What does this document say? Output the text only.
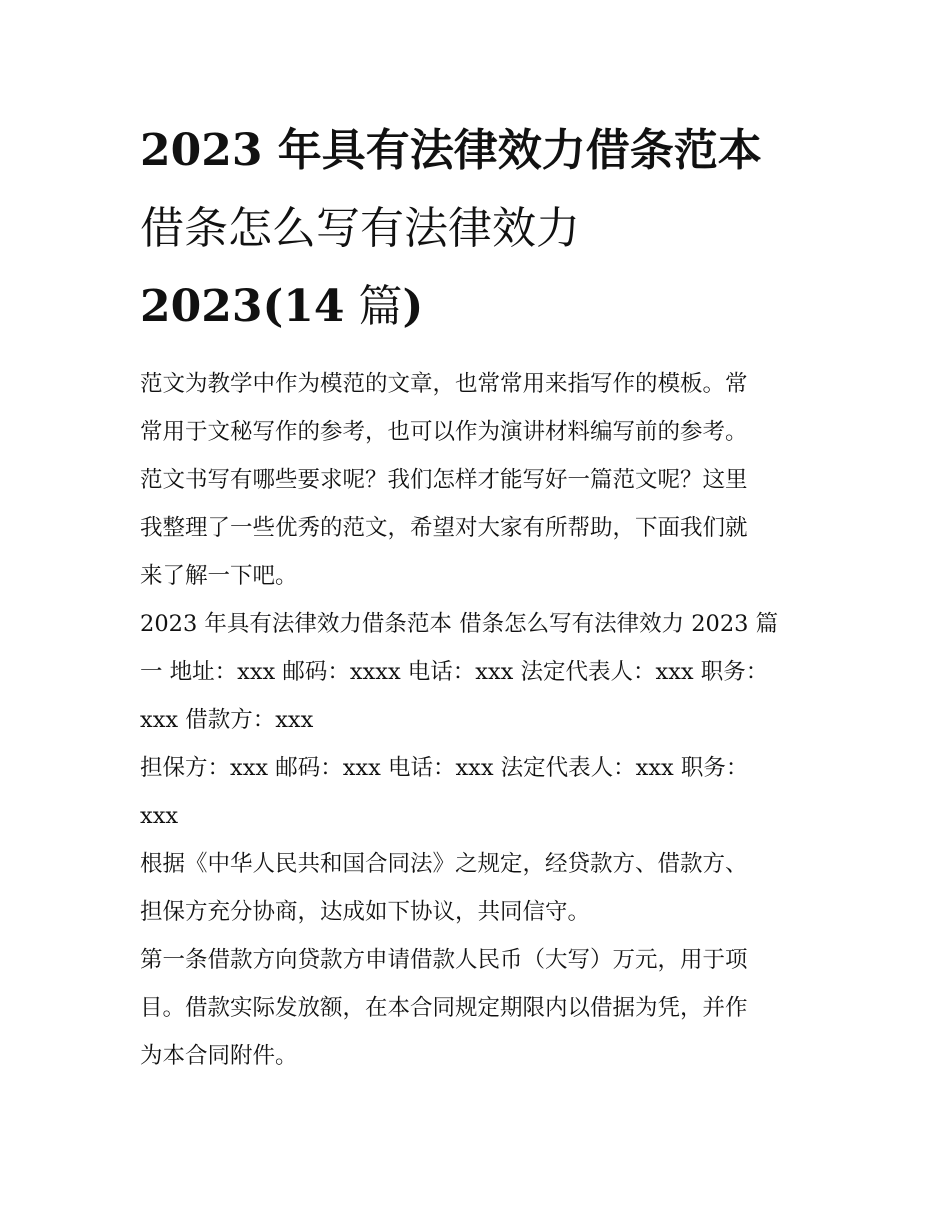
2023 年具有法律效力借条范本
借条怎么写有法律效力
2023(14 篇)
范文为教学中作为模范的文章，也常常用来指写作的模板。常
常用于文秘写作的参考，也可以作为演讲材料编写前的参考。
范文书写有哪些要求呢？我们怎样才能写好一篇范文呢？这里
我整理了一些优秀的范文，希望对大家有所帮助，下面我们就
来了解一下吧。
2023 年具有法律效力借条范本 借条怎么写有法律效力 2023 篇
一 地址：xxx 邮码：xxxx 电话：xxx 法定代表人：xxx 职务：
xxx 借款方：xxx
担保方：xxx 邮码：xxx 电话：xxx 法定代表人：xxx 职务：
xxx
根据《中华人民共和国合同法》之规定，经贷款方、借款方、
担保方充分协商，达成如下协议，共同信守。
第一条借款方向贷款方申请借款人民币（大写）万元，用于项
目。借款实际发放额，在本合同规定期限内以借据为凭，并作
为本合同附件。
